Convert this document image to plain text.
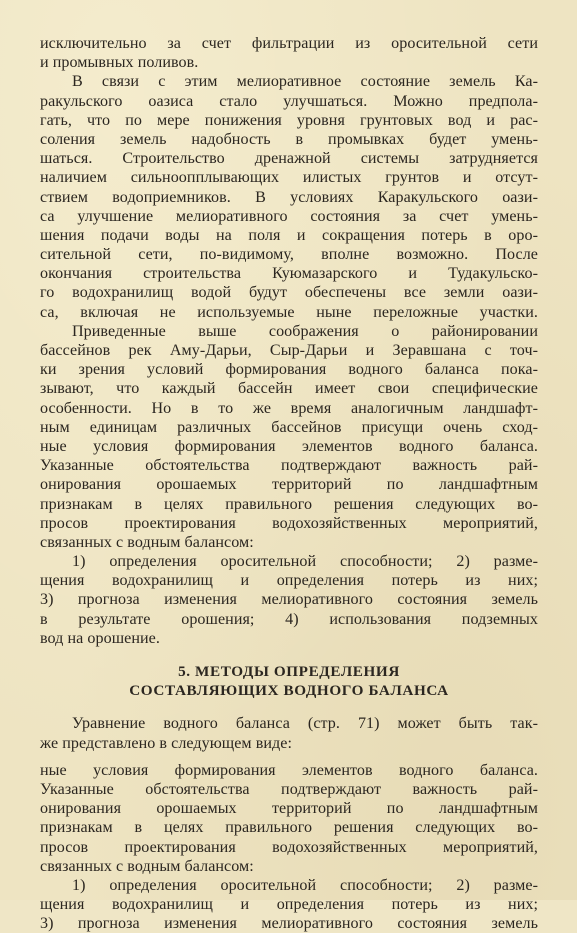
исключительно за счет фильтрации из оросительной сети
и промывных поливов.
В связи с этим мелиоративное состояние земель Ка-
ракульского оазиса стало улучшаться. Можно предпола-
гать, что по мере понижения уровня грунтовых вод и рас-
соления земель надобность в промывках будет умень-
шаться. Строительство дренажной системы затрудняется
наличием сильноопплывающих илистых грунтов и отсут-
ствием водоприемников. В условиях Каракульского оази-
са улучшение мелиоративного состояния за счет умень-
шения подачи воды на поля и сокращения потерь в оро-
сительной сети, по-видимому, вполне возможно. После
окончания строительства Куюмазарского и Тудакульско-
го водохранилищ водой будут обеспечены все земли оази-
са, включая не используемые ныне переложные участки.
Приведенные выше соображения о районировании
бассейнов рек Аму-Дарьи, Сыр-Дарьи и Зеравшана с точ-
ки зрения условий формирования водного баланса пока-
зывают, что каждый бассейн имеет свои специфические
особенности. Но в то же время аналогичным ландшафт-
ным единицам различных бассейнов присущи очень сход-
ные условия формирования элементов водного баланса.
Указанные обстоятельства подтверждают важность рай-
онирования орошаемых территорий по ландшафтным
признакам в целях правильного решения следующих во-
просов проектирования водохозяйственных мероприятий,
связанных с водным балансом:
1) определения оросительной способности; 2) разме-
щения водохранилищ и определения потерь из них;
3) прогноза изменения мелиоративного состояния земель
в результате орошения; 4) использования подземных
вод на орошение.
5. МЕТОДЫ ОПРЕДЕЛЕНИЯ
СОСТАВЛЯЮЩИХ ВОДНОГО БАЛАНСА
Уравнение водного баланса (стр. 71) может быть так-
же представлено в следующем виде:
ные условия формирования элементов водного баланса.
Указанные обстоятельства подтверждают важность рай-
онирования орошаемых территорий по ландшафтным
признакам в целях правильного решения следующих во-
просов проектирования водохозяйственных мероприятий,
связанных с водным балансом:
1) определения оросительной способности; 2) разме-
щения водохранилищ и определения потерь из них;
3) прогноза изменения мелиоративного состояния земель
